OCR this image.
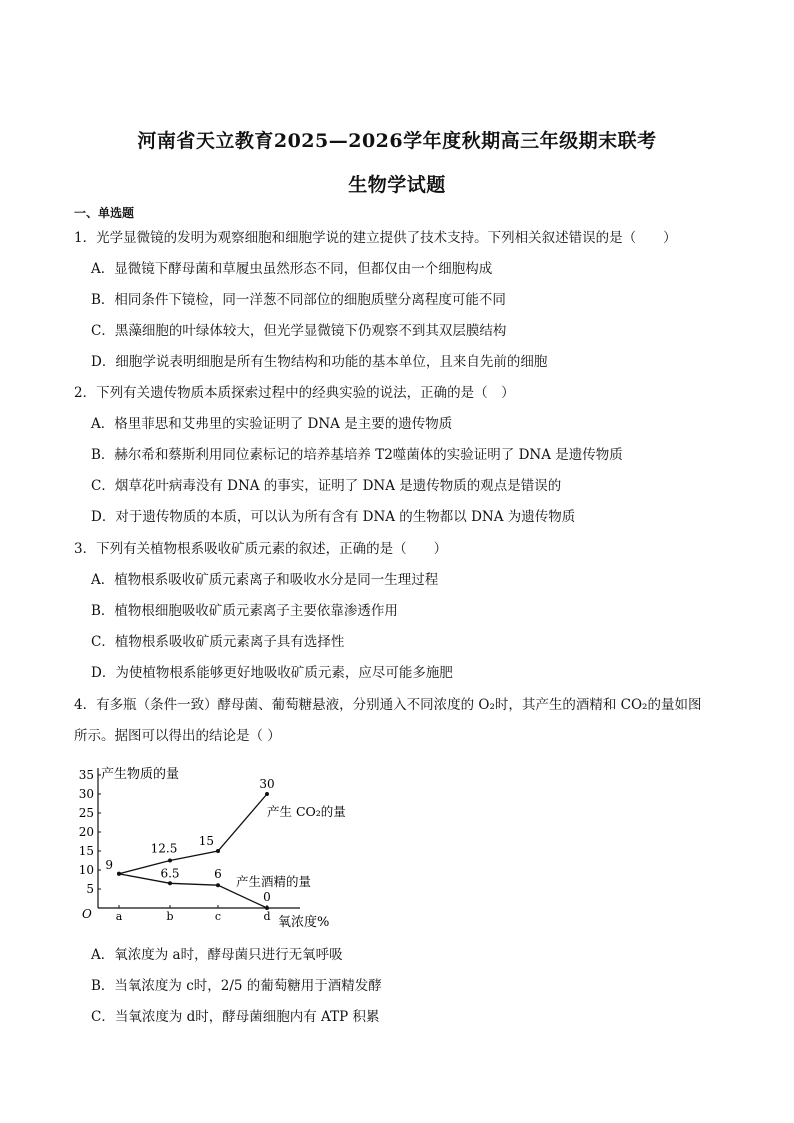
河南省天立教育2025—2026学年度秋期高三年级期末联考
生物学试题
一、单选题
1．光学显微镜的发明为观察细胞和细胞学说的建立提供了技术支持。下列相关叙述错误的是（　　）
A．显微镜下酵母菌和草履虫虽然形态不同，但都仅由一个细胞构成
B．相同条件下镜检，同一洋葱不同部位的细胞质壁分离程度可能不同
C．黑藻细胞的叶绿体较大，但光学显微镜下仍观察不到其双层膜结构
D．细胞学说表明细胞是所有生物结构和功能的基本单位，且来自先前的细胞
2．下列有关遗传物质本质探索过程中的经典实验的说法，正确的是（　）
A．格里菲思和艾弗里的实验证明了 DNA 是主要的遗传物质
B．赫尔希和蔡斯利用同位素标记的培养基培养 T2噬菌体的实验证明了 DNA 是遗传物质
C．烟草花叶病毒没有 DNA 的事实，证明了 DNA 是遗传物质的观点是错误的
D．对于遗传物质的本质，可以认为所有含有 DNA 的生物都以 DNA 为遗传物质
3．下列有关植物根系吸收矿质元素的叙述，正确的是（　　）
A．植物根系吸收矿质元素离子和吸收水分是同一生理过程
B．植物根细胞吸收矿质元素离子主要依靠渗透作用
C．植物根系吸收矿质元素离子具有选择性
D．为使植物根系能够更好地吸收矿质元素，应尽可能多施肥
4．有多瓶（条件一致）酵母菌、葡萄糖悬液，分别通入不同浓度的 O₂时，其产生的酒精和 CO₂的量如图
所示。据图可以得出的结论是（ ）
5
10
15
20
25
30
35
a	b	c	d
产生物质的量
氧浓度%
O
9
12.5
15
30
6.5	6
0
产生 CO₂的量
产生酒精的量
A．氧浓度为 a时，酵母菌只进行无氧呼吸
B．当氧浓度为 c时，2/5 的葡萄糖用于酒精发酵
C．当氧浓度为 d时，酵母菌细胞内有 ATP 积累
